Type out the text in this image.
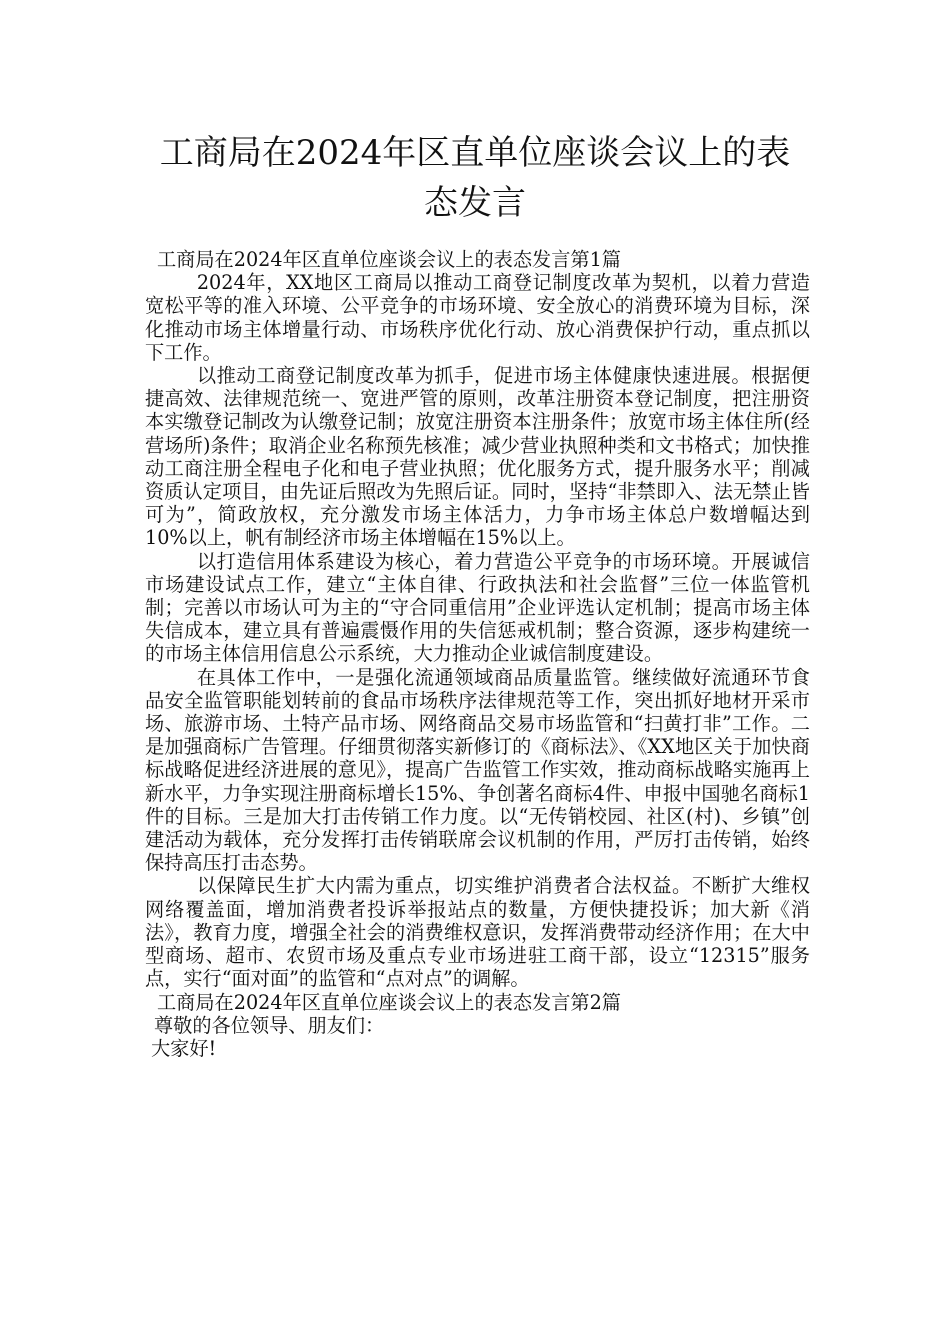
工商局在2024年区直单位座谈会议上的表
态发言

工商局在2024年区直单位座谈会议上的表态发言第1篇

2024年，XX地区工商局以推动工商登记制度改革为契机，以着力营造宽松平等的准入环境、公平竞争的市场环境、安全放心的消费环境为目标，深化推动市场主体增量行动、市场秩序优化行动、放心消费保护行动，重点抓以下工作。

以推动工商登记制度改革为抓手，促进市场主体健康快速进展。根据便捷高效、法律规范统一、宽进严管的原则，改革注册资本登记制度，把注册资本实缴登记制改为认缴登记制；放宽注册资本注册条件；放宽市场主体住所(经营场所)条件；取消企业名称预先核准；减少营业执照种类和文书格式；加快推动工商注册全程电子化和电子营业执照；优化服务方式，提升服务水平；削减资质认定项目，由先证后照改为先照后证。同时，坚持“非禁即入、法无禁止皆可为”，简政放权，充分激发市场主体活力，力争市场主体总户数增幅达到10%以上，帆有制经济市场主体增幅在15%以上。

以打造信用体系建设为核心，着力营造公平竞争的市场环境。开展诚信市场建设试点工作，建立“主体自律、行政执法和社会监督”三位一体监管机制；完善以市场认可为主的“守合同重信用”企业评选认定机制；提高市场主体失信成本，建立具有普遍震慑作用的失信惩戒机制；整合资源，逐步构建统一的市场主体信用信息公示系统，大力推动企业诚信制度建设。

在具体工作中，一是强化流通领域商品质量监管。继续做好流通环节食品安全监管职能划转前的食品市场秩序法律规范等工作，突出抓好地材开采市场、旅游市场、土特产品市场、网络商品交易市场监管和“扫黄打非”工作。二是加强商标广告管理。仔细贯彻落实新修订的《商标法》、《XX地区关于加快商标战略促进经济进展的意见》，提高广告监管工作实效，推动商标战略实施再上新水平，力争实现注册商标增长15%、争创著名商标4件、申报中国驰名商标1件的目标。三是加大打击传销工作力度。以“无传销校园、社区(村)、乡镇”创建活动为载体，充分发挥打击传销联席会议机制的作用，严厉打击传销，始终保持高压打击态势。

以保障民生扩大内需为重点，切实维护消费者合法权益。不断扩大维权网络覆盖面，增加消费者投诉举报站点的数量，方便快捷投诉；加大新《消法》，教育力度，增强全社会的消费维权意识，发挥消费带动经济作用；在大中型商场、超市、农贸市场及重点专业市场进驻工商干部，设立“12315”服务点，实行“面对面”的监管和“点对点”的调解。

工商局在2024年区直单位座谈会议上的表态发言第2篇

尊敬的各位领导、朋友们：

大家好!
